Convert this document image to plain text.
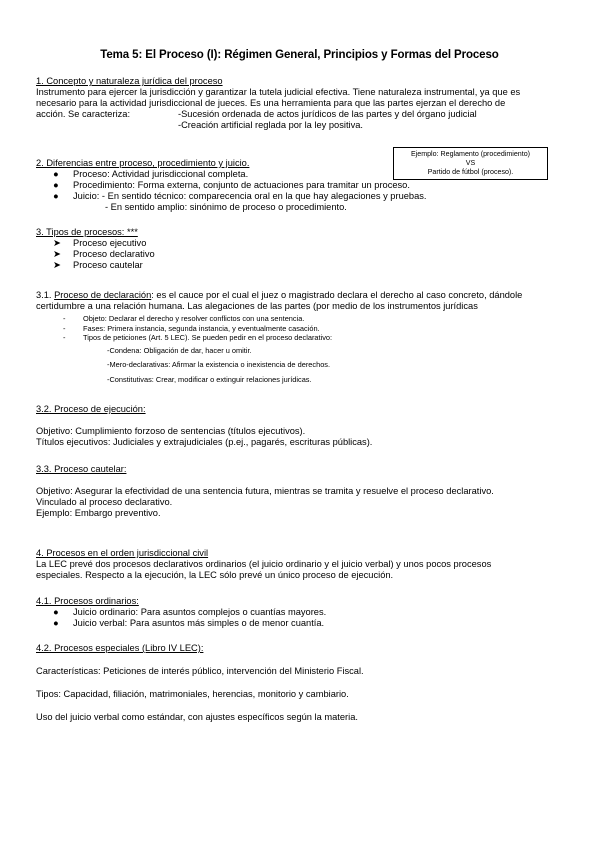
Tema 5: El Proceso (I): Régimen General, Principios y Formas del Proceso
1. Concepto y naturaleza jurídica del proceso
Instrumento para ejercer la jurisdicción y garantizar la tutela judicial efectiva. Tiene naturaleza instrumental, ya que es
necesario para la actividad jurisdiccional de jueces. Es una herramienta para que las partes ejerzan el derecho de
acción. Se caracteriza:	-Sucesión ordenada de actos jurídicos de las partes y del órgano judicial
-Creación artificial reglada por la ley positiva.
Ejemplo: Reglamento (procedimiento)
VS
Partido de fútbol (proceso).
2. Diferencias entre proceso, procedimiento y juicio.
● Proceso: Actividad jurisdiccional completa.
● Procedimiento: Forma externa, conjunto de actuaciones para tramitar un proceso.
● Juicio: - En sentido técnico: comparecencia oral en la que hay alegaciones y pruebas.
- En sentido amplio: sinónimo de proceso o procedimiento.
3. Tipos de procesos: ***
➤ Proceso ejecutivo
➤ Proceso declarativo
➤ Proceso cautelar
3.1. Proceso de declaración: es el cauce por el cual el juez o magistrado declara el derecho al caso concreto, dándole
certidumbre a una relación humana. Las alegaciones de las partes (por medio de los instrumentos jurídicas
- Objeto: Declarar el derecho y resolver conflictos con una sentencia.
- Fases: Primera instancia, segunda instancia, y eventualmente casación.
- Tipos de peticiones (Art. 5 LEC). Se pueden pedir en el proceso declarativo:
-Condena: Obligación de dar, hacer u omitir.
-Mero-declarativas: Afirmar la existencia o inexistencia de derechos.
-Constitutivas: Crear, modificar o extinguir relaciones jurídicas.
3.2. Proceso de ejecución:
Objetivo: Cumplimiento forzoso de sentencias (títulos ejecutivos).
Títulos ejecutivos: Judiciales y extrajudiciales (p.ej., pagarés, escrituras públicas).
3.3. Proceso cautelar:
Objetivo: Asegurar la efectividad de una sentencia futura, mientras se tramita y resuelve el proceso declarativo.
Vinculado al proceso declarativo.
Ejemplo: Embargo preventivo.
4. Procesos en el orden jurisdiccional civil
La LEC prevé dos procesos declarativos ordinarios (el juicio ordinario y el juicio verbal) y unos pocos procesos
especiales. Respecto a la ejecución, la LEC sólo prevé un único proceso de ejecución.
4.1. Procesos ordinarios:
● Juicio ordinario: Para asuntos complejos o cuantías mayores.
● Juicio verbal: Para asuntos más simples o de menor cuantía.
4.2. Procesos especiales (Libro IV LEC):
Características: Peticiones de interés público, intervención del Ministerio Fiscal.
Tipos: Capacidad, filiación, matrimoniales, herencias, monitorio y cambiario.
Uso del juicio verbal como estándar, con ajustes específicos según la materia.
